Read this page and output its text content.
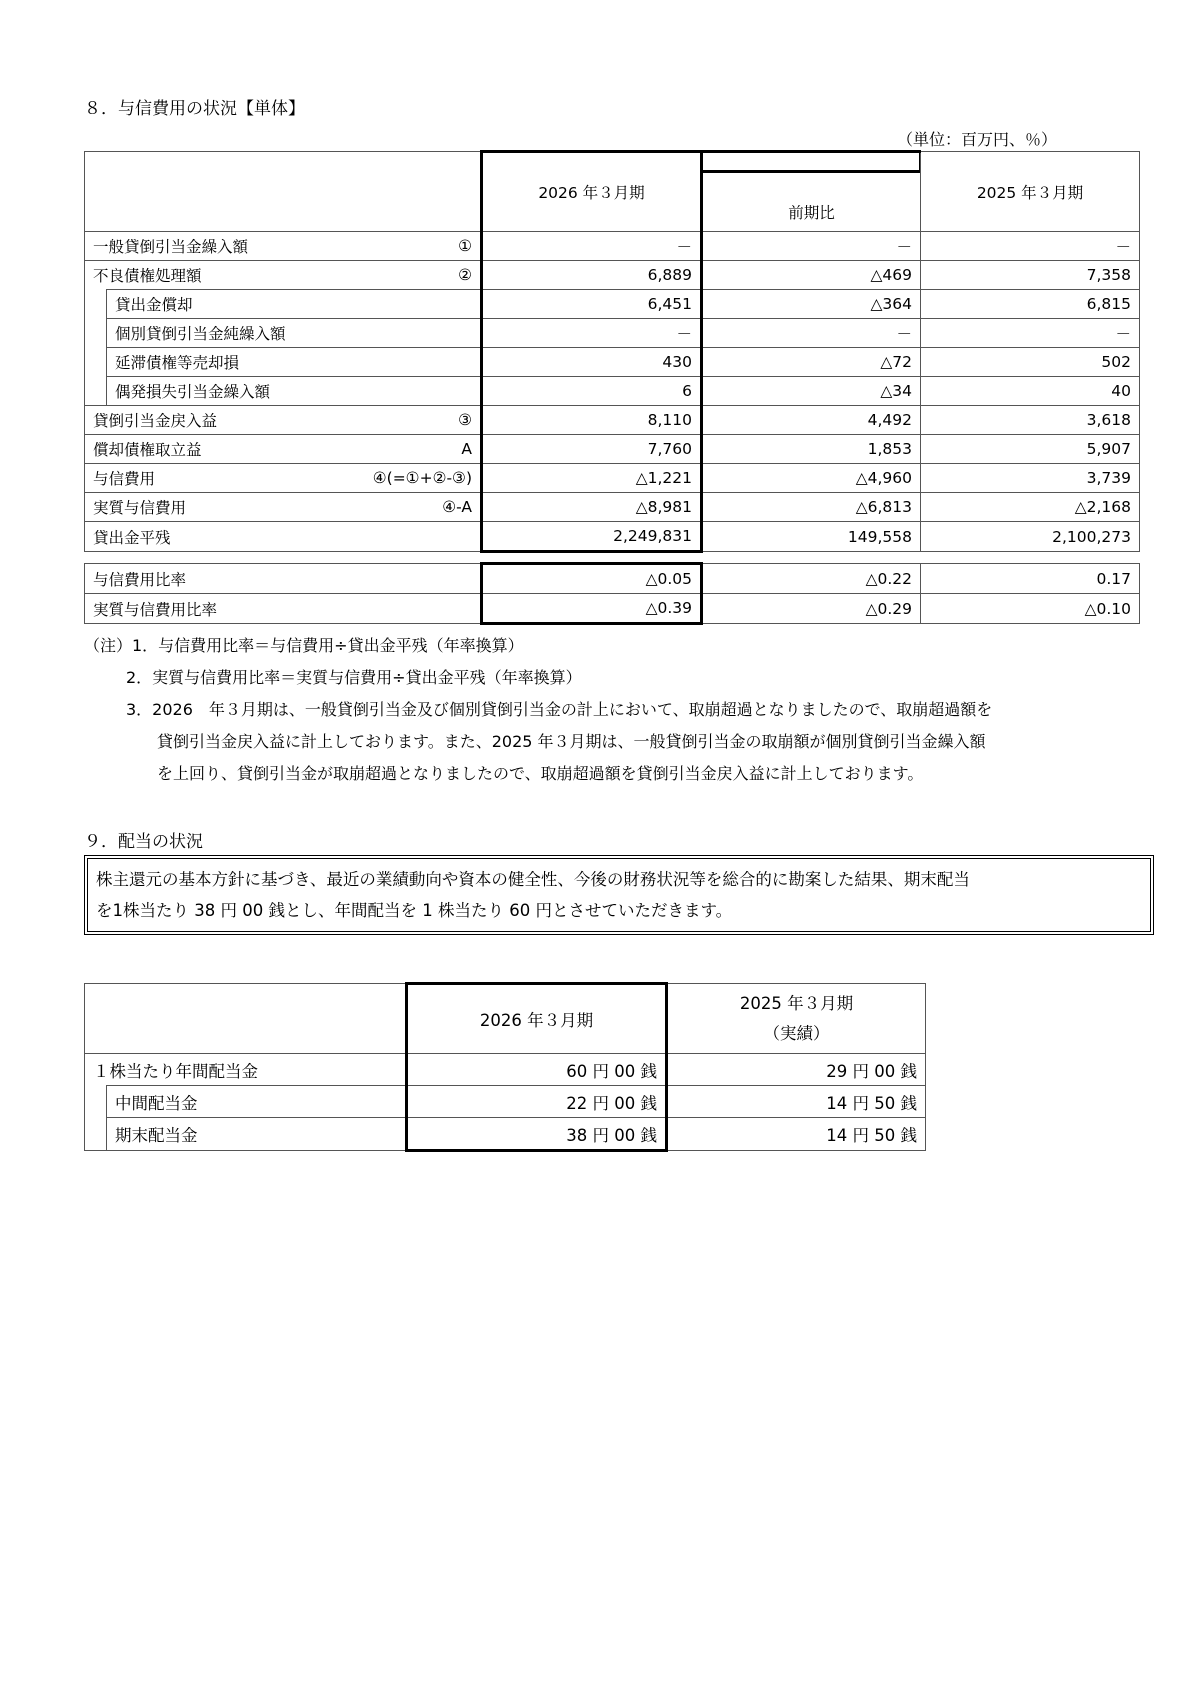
８．与信費用の状況【単体】
（単位：百万円、％）
		2026 年３月期	前期比	2025 年３月期
一般貸倒引当金繰入額 ①		－	－	－
不良債権処理額 ②		6,889	△469	7,358
	貸出金償却	6,451	△364	6,815
	個別貸倒引当金純繰入額	－	－	－
	延滞債権等売却損	430	△72	502
	偶発損失引当金繰入額	6	△34	40
貸倒引当金戻入益 ③		8,110	4,492	3,618
償却債権取立益 A		7,760	1,853	5,907
与信費用 ④(=①+②-③)		△1,221	△4,960	3,739
実質与信費用 ④-A		△8,981	△6,813	△2,168
貸出金平残		2,249,831	149,558	2,100,273
与信費用比率	△0.05	△0.22	0.17
実質与信費用比率	△0.39	△0.29	△0.10
（注）1．与信費用比率＝与信費用÷貸出金平残（年率換算）
2．実質与信費用比率＝実質与信費用÷貸出金平残（年率換算）
3．2026　年３月期は、一般貸倒引当金及び個別貸倒引当金の計上において、取崩超過となりましたので、取崩超過額を
貸倒引当金戻入益に計上しております。また、2025 年３月期は、一般貸倒引当金の取崩額が個別貸倒引当金繰入額
を上回り、貸倒引当金が取崩超過となりましたので、取崩超過額を貸倒引当金戻入益に計上しております。
９．配当の状況
株主還元の基本方針に基づき、最近の業績動向や資本の健全性、今後の財務状況等を総合的に勘案した結果、期末配当
を1株当たり 38 円 00 銭とし、年間配当を 1 株当たり 60 円とさせていただきます。
		2026 年３月期	2025 年３月期
（実績）

１株当たり年間配当金		60 円 00 銭	29 円 00 銭
	中間配当金	22 円 00 銭	14 円 50 銭
	期末配当金	38 円 00 銭	14 円 50 銭
